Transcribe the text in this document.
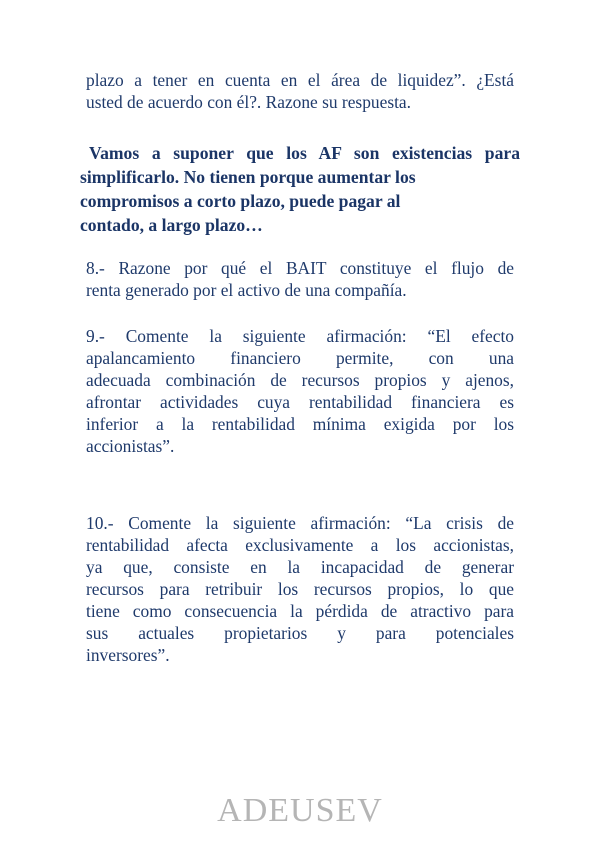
plazo a tener en cuenta en el área de liquidez”. ¿Está
usted de acuerdo con él?. Razone su respuesta.
Vamos a suponer que los AF son existencias para
simplificarlo. No tienen porque aumentar los
compromisos a corto plazo, puede pagar al
contado, a largo plazo…
8.- Razone por qué el BAIT constituye el flujo de
renta generado por el activo de una compañía.
9.- Comente la siguiente afirmación: “El efecto
apalancamiento financiero permite, con una
adecuada combinación de recursos propios y ajenos,
afrontar actividades cuya rentabilidad financiera es
inferior a la rentabilidad mínima exigida por los
accionistas”.
10.- Comente la siguiente afirmación: “La crisis de
rentabilidad afecta exclusivamente a los accionistas,
ya que, consiste en la incapacidad de generar
recursos para retribuir los recursos propios, lo que
tiene como consecuencia la pérdida de atractivo para
sus actuales propietarios y para potenciales
inversores”.
ADEUSEV
